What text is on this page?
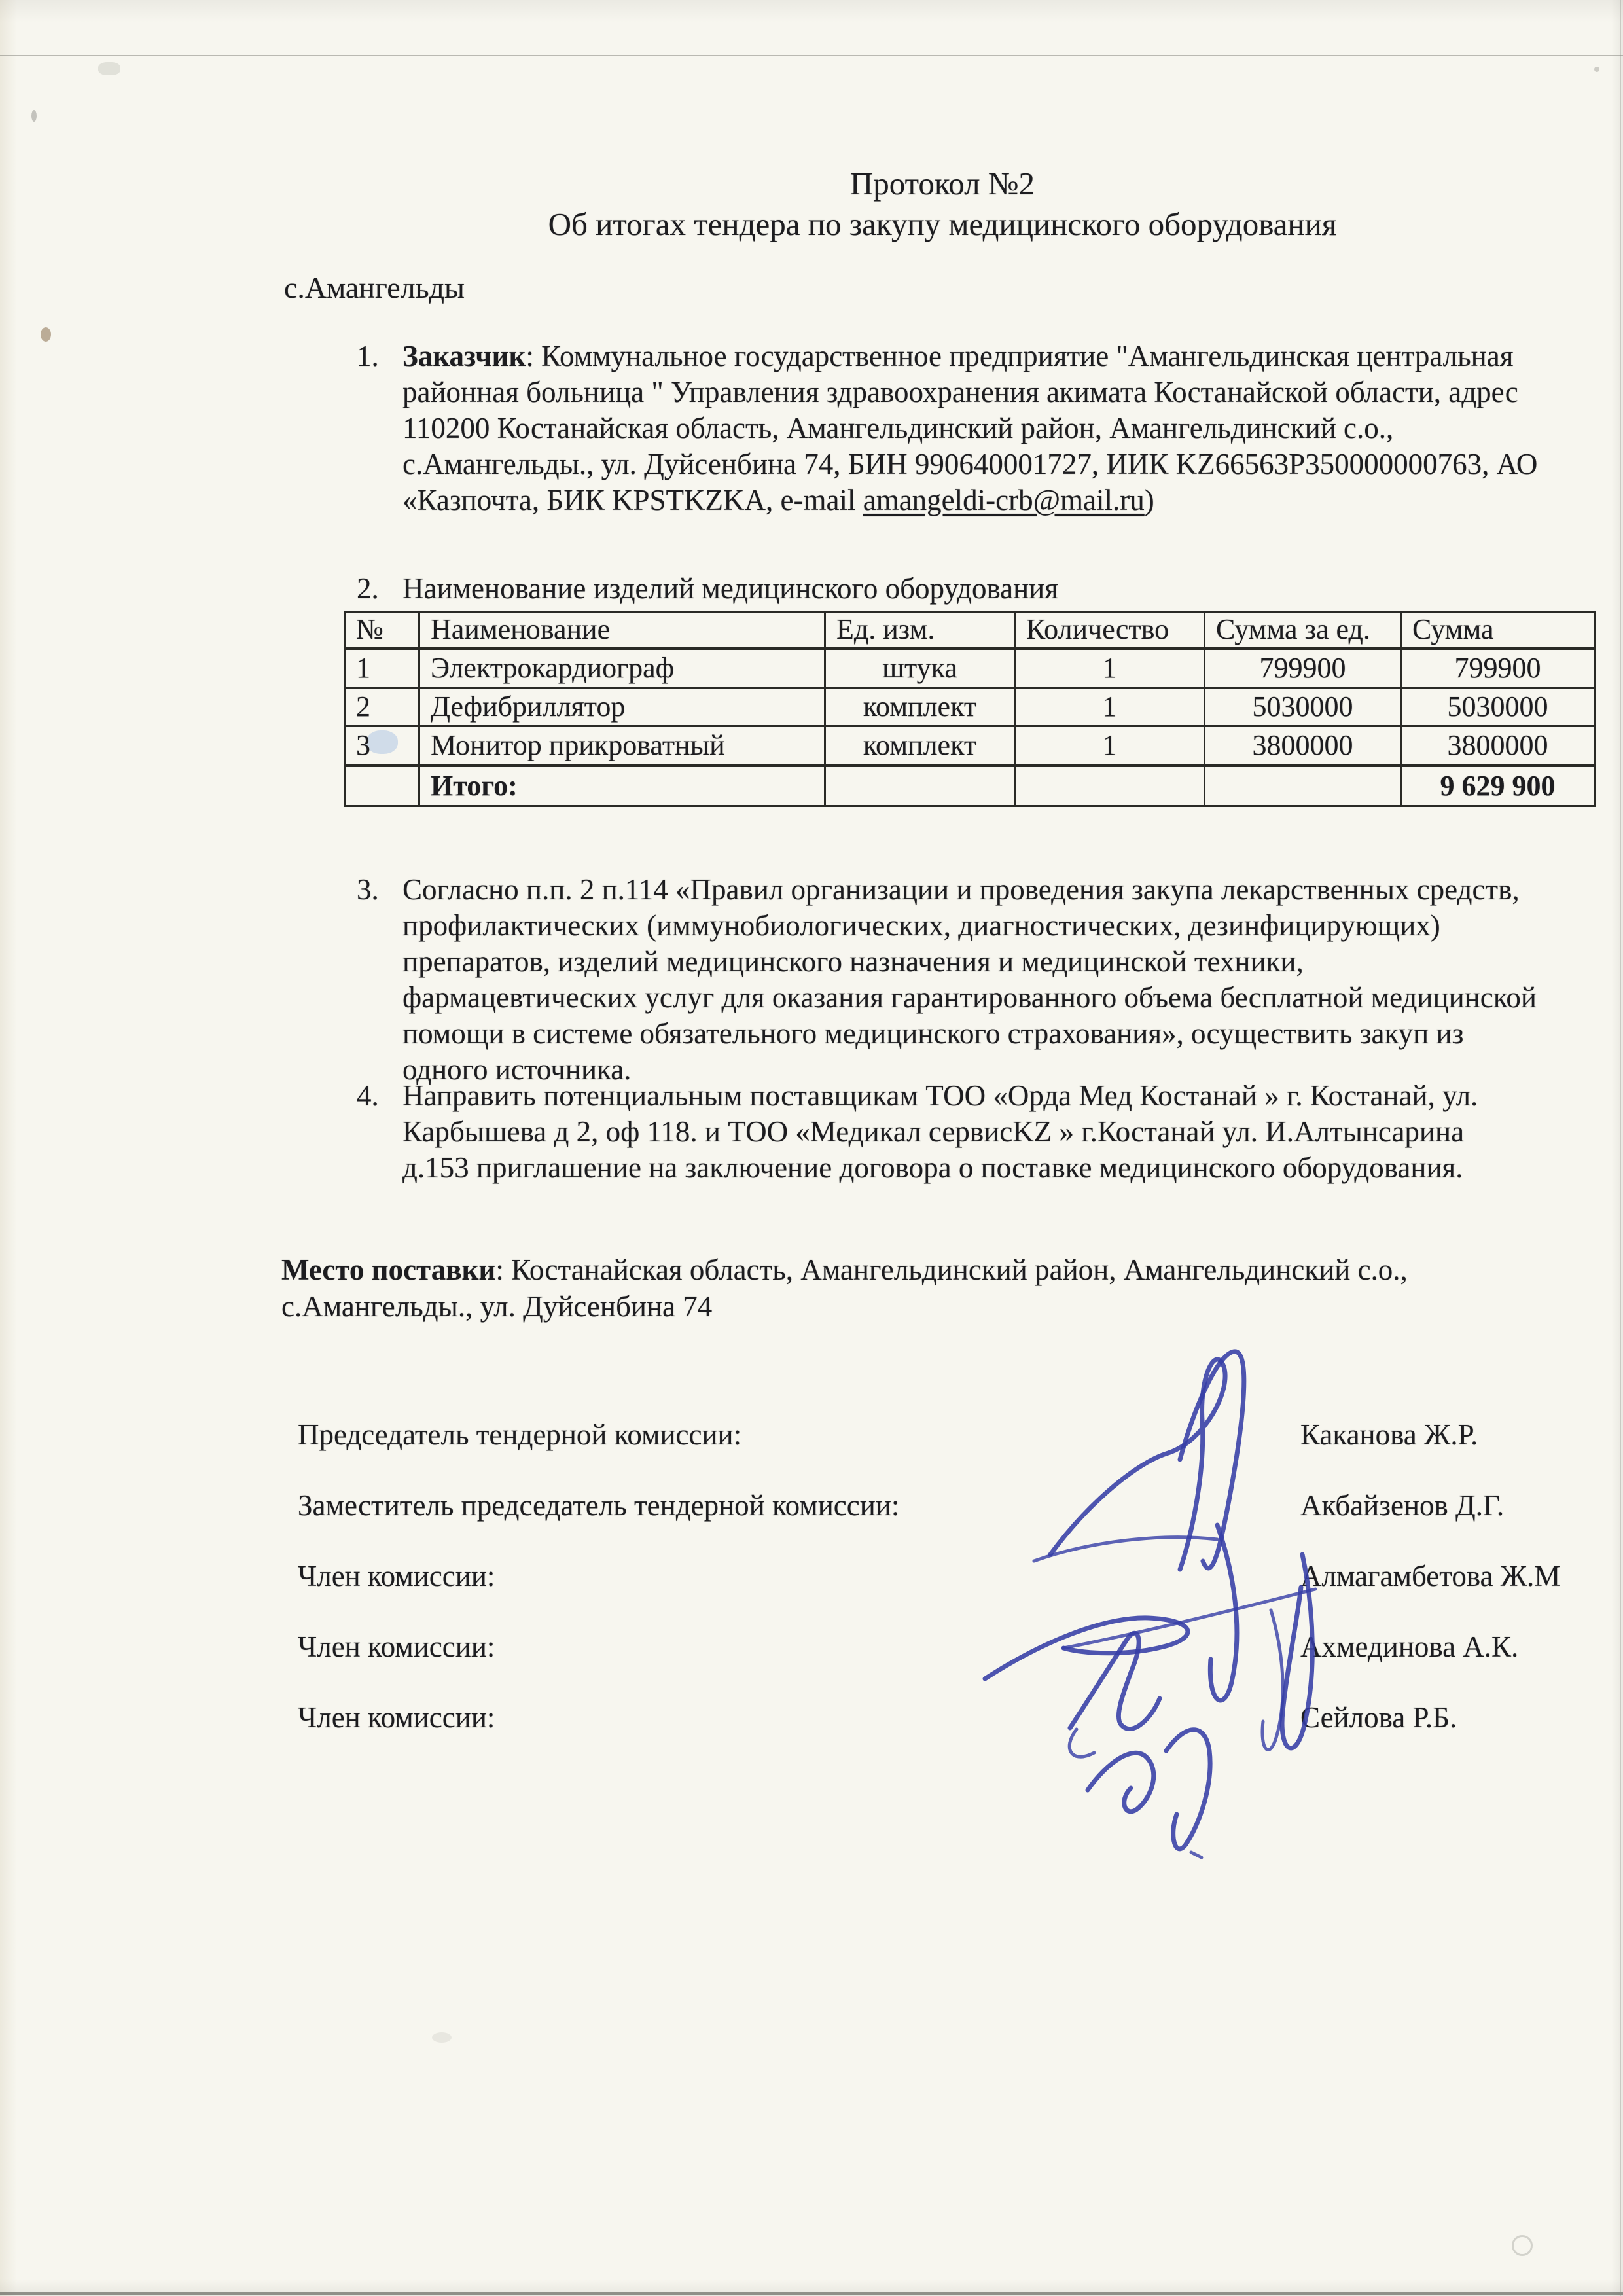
Протокол №2
Об итогах тендера по закупу медицинского оборудования
с.Амангельды
1. Заказчик: Коммунальное государственное предприятие "Амангельдинская центральная
районная больница " Управления здравоохранения акимата Костанайской области, адрес
110200 Костанайская область, Амангельдинский район, Амангельдинский с.о.,
с.Амангельды., ул. Дуйсенбина 74, БИН 990640001727, ИИК KZ66563P350000000763, АО
«Казпочта, БИК KPSTKZKA, e-mail amangeldi-crb@mail.ru)
2. Наименование изделий медицинского оборудования
№	Наименование	Ед. изм.	Количество	Сумма за ед.	Сумма
1	Электрокардиограф	штука	1	799900	799900
2	Дефибриллятор	комплект	1	5030000	5030000
3	Монитор прикроватный	комплект	1	3800000	3800000
	Итого:				9 629 900
3. Согласно п.п. 2 п.114 «Правил организации и проведения закупа лекарственных средств,
профилактических (иммунобиологических, диагностических, дезинфицирующих)
препаратов, изделий медицинского назначения и медицинской техники,
фармацевтических услуг для оказания гарантированного объема бесплатной медицинской
помощи в системе обязательного медицинского страхования», осуществить закуп из
одного источника.
4. Направить потенциальным поставщикам ТОО «Орда Мед Костанай » г. Костанай, ул.
Карбышева д 2, оф 118. и ТОО «Медикал сервисKZ » г.Костанай ул. И.Алтынсарина
д.153 приглашение на заключение договора о поставке медицинского оборудования.
Место поставки: Костанайская область, Амангельдинский район, Амангельдинский с.о.,
с.Амангельды., ул. Дуйсенбина 74
Председатель тендерной комиссии:	Каканова Ж.Р.
Заместитель председатель тендерной комиссии:	Акбайзенов Д.Г.
Член комиссии:	Алмагамбетова Ж.М
Член комиссии:	Ахмединова А.К.
Член комиссии:	Сейлова Р.Б.
